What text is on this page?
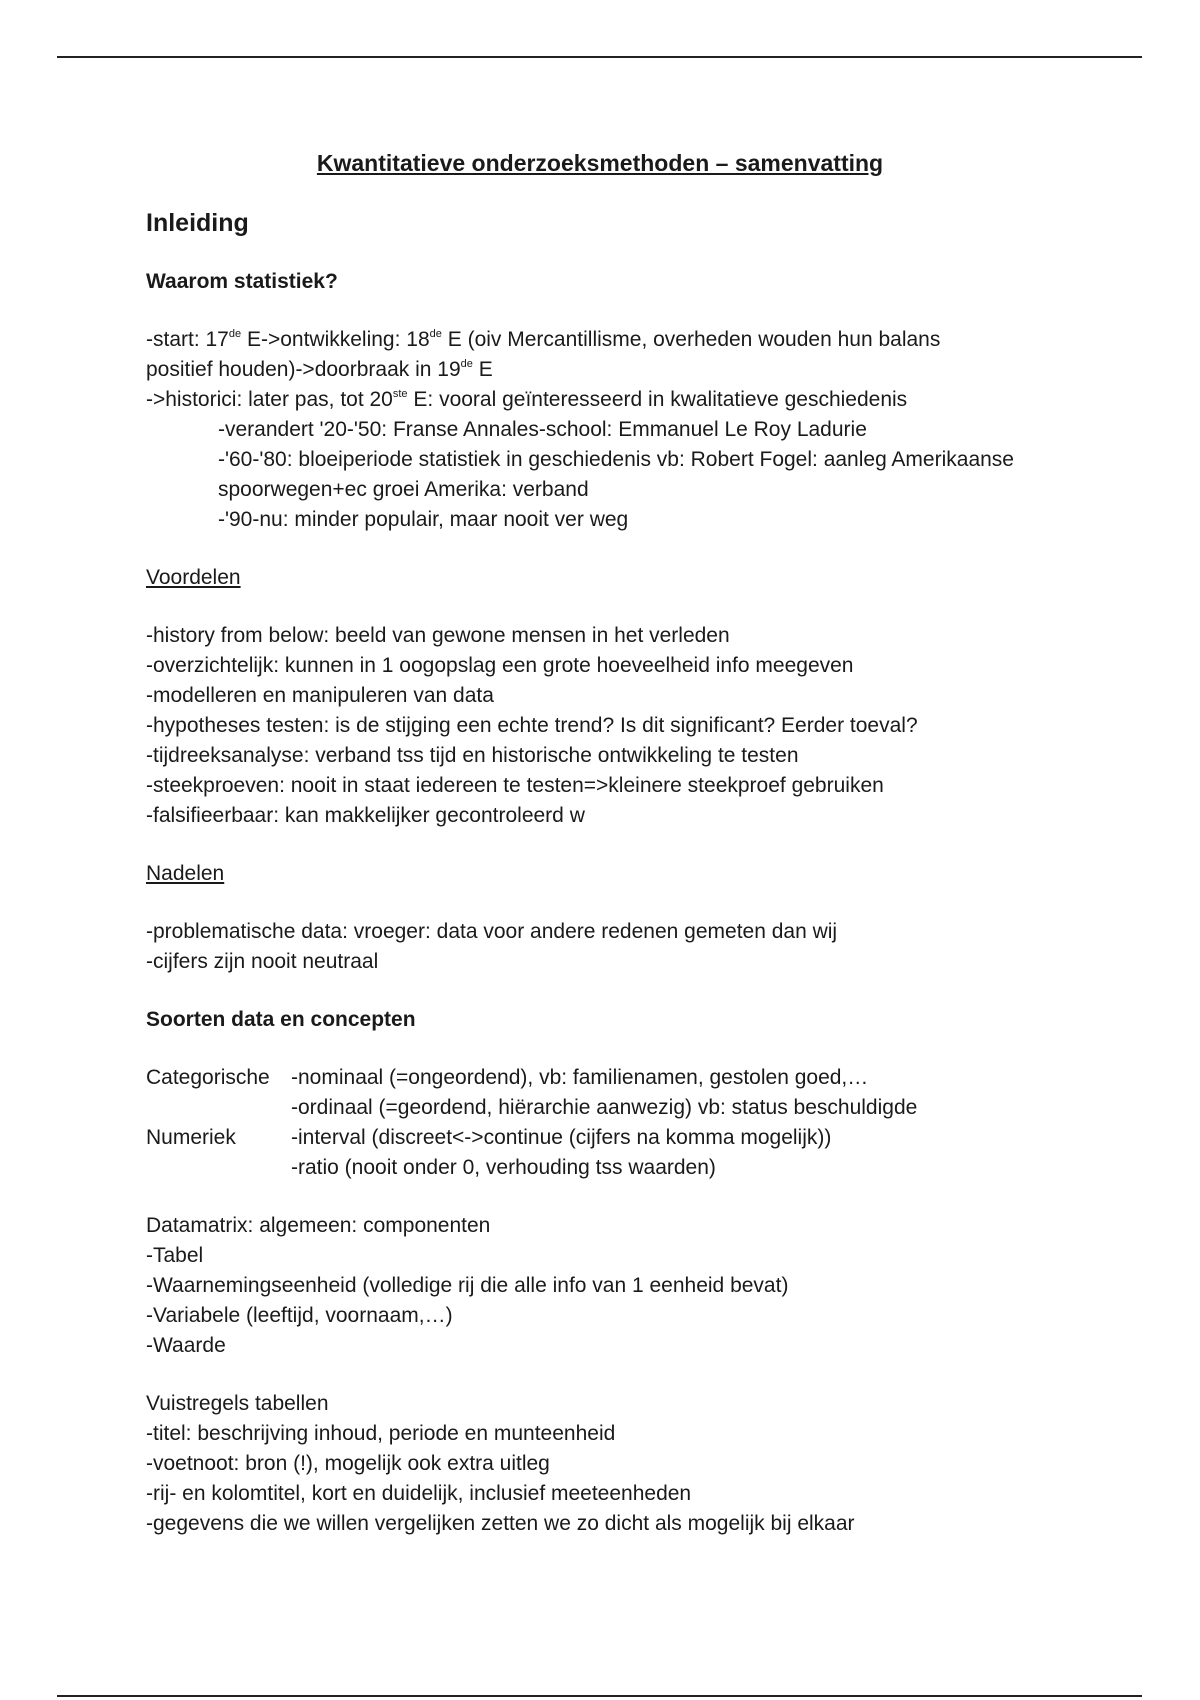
Kwantitatieve onderzoeksmethoden – samenvatting

Inleiding

Waarom statistiek?

-start: 17de E->ontwikkeling: 18de E (oiv Mercantillisme, overheden wouden hun balans

positief houden)->doorbraak in 19de E

->historici: later pas, tot 20ste E: vooral geïnteresseerd in kwalitatieve geschiedenis

-verandert '20-'50: Franse Annales-school: Emmanuel Le Roy Ladurie

-'60-'80: bloeiperiode statistiek in geschiedenis vb: Robert Fogel: aanleg Amerikaanse

spoorwegen+ec groei Amerika: verband

-'90-nu: minder populair, maar nooit ver weg

Voordelen

-history from below: beeld van gewone mensen in het verleden

-overzichtelijk: kunnen in 1 oogopslag een grote hoeveelheid info meegeven

-modelleren en manipuleren van data

-hypotheses testen: is de stijging een echte trend? Is dit significant? Eerder toeval?

-tijdreeksanalyse: verband tss tijd en historische ontwikkeling te testen

-steekproeven: nooit in staat iedereen te testen=>kleinere steekproef gebruiken

-falsifieerbaar: kan makkelijker gecontroleerd w

Nadelen

-problematische data: vroeger: data voor andere redenen gemeten dan wij

-cijfers zijn nooit neutraal

Soorten data en concepten

Categorische	-nominaal (=ongeordend), vb: familienamen, gestolen goed,…
-ordinaal (=geordend, hiërarchie aanwezig) vb: status beschuldigde
Numeriek	-interval (discreet<->continue (cijfers na komma mogelijk))
-ratio (nooit onder 0, verhouding tss waarden)

Datamatrix: algemeen: componenten

-Tabel

-Waarnemingseenheid (volledige rij die alle info van 1 eenheid bevat)

-Variabele (leeftijd, voornaam,…)

-Waarde

Vuistregels tabellen

-titel: beschrijving inhoud, periode en munteenheid

-voetnoot: bron (!), mogelijk ook extra uitleg

-rij- en kolomtitel, kort en duidelijk, inclusief meeteenheden

-gegevens die we willen vergelijken zetten we zo dicht als mogelijk bij elkaar
